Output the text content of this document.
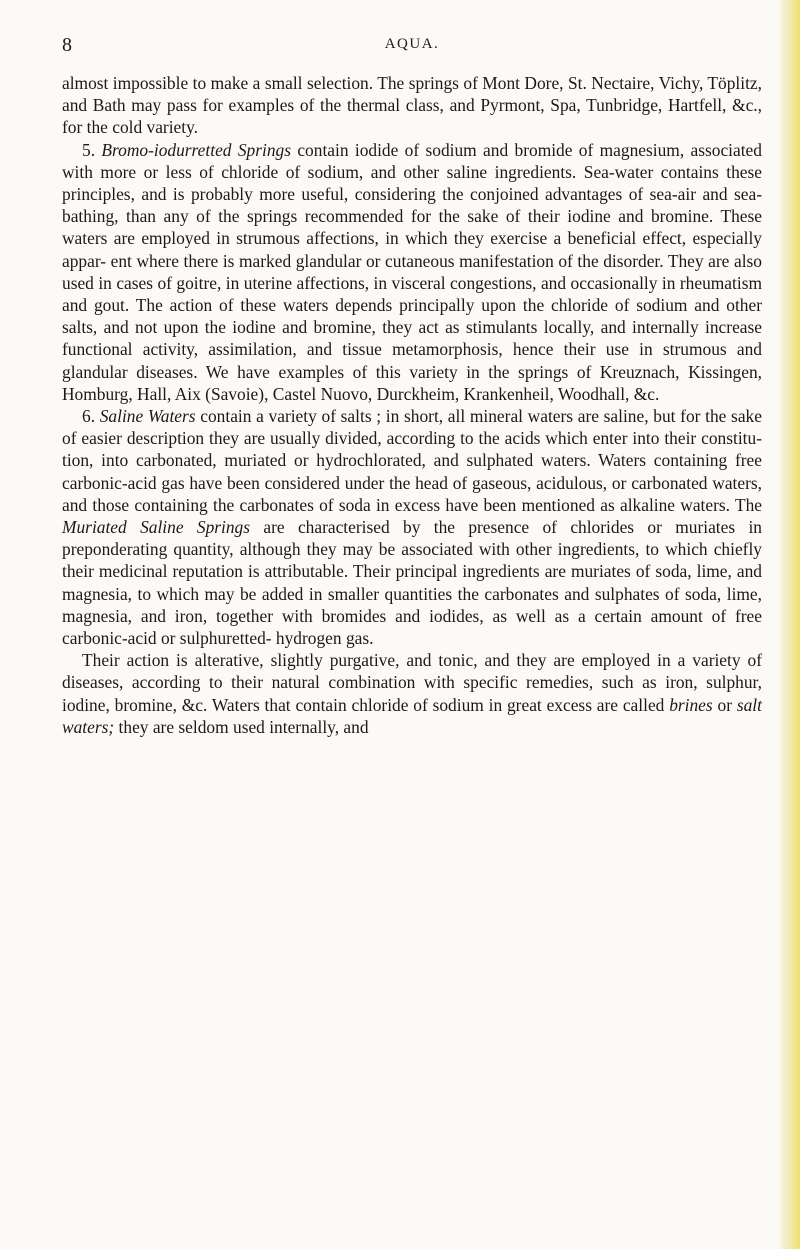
8	AQUA.

almost impossible to make a small selection. The springs of Mont Dore, St. Nectaire, Vichy, Töplitz, and Bath may pass for examples of the thermal class, and Pyrmont, Spa, Tunbridge, Hartfell, &c., for the cold variety.

5. Bromo-iodurretted Springs contain iodide of sodium and bromide of magnesium, associated with more or less of chloride of sodium, and other saline ingredients. Sea-water contains these principles, and is probably more useful, considering the conjoined advantages of sea-air and sea-bathing, than any of the springs recommended for the sake of their iodine and bromine. These waters are employed in strumous affections, in which they exercise a beneficial effect, especially appar- ent where there is marked glandular or cutaneous manifestation of the disorder. They are also used in cases of goitre, in uterine affections, in visceral congestions, and occasionally in rheumatism and gout. The action of these waters depends principally upon the chloride of sodium and other salts, and not upon the iodine and bromine, they act as stimulants locally, and internally increase functional activity, assimilation, and tissue metamorphosis, hence their use in strumous and glandular diseases. We have examples of this variety in the springs of Kreuznach, Kissingen, Homburg, Hall, Aix (Savoie), Castel Nuovo, Durckheim, Krankenheil, Woodhall, &c.

6. Saline Waters contain a variety of salts ; in short, all mineral waters are saline, but for the sake of easier description they are usually divided, according to the acids which enter into their constitu- tion, into carbonated, muriated or hydrochlorated, and sulphated waters. Waters containing free carbonic-acid gas have been considered under the head of gaseous, acidulous, or carbonated waters, and those containing the carbonates of soda in excess have been mentioned as alkaline waters. The Muriated Saline Springs are characterised by the presence of chlorides or muriates in preponderating quantity, although they may be associated with other ingredients, to which chiefly their medicinal reputation is attributable. Their principal ingredients are muriates of soda, lime, and magnesia, to which may be added in smaller quantities the carbonates and sulphates of soda, lime, magnesia, and iron, together with bromides and iodides, as well as a certain amount of free carbonic-acid or sulphuretted- hydrogen gas.

Their action is alterative, slightly purgative, and tonic, and they are employed in a variety of diseases, according to their natural combination with specific remedies, such as iron, sulphur, iodine, bromine, &c. Waters that contain chloride of sodium in great excess are called brines or salt waters; they are seldom used internally, and
